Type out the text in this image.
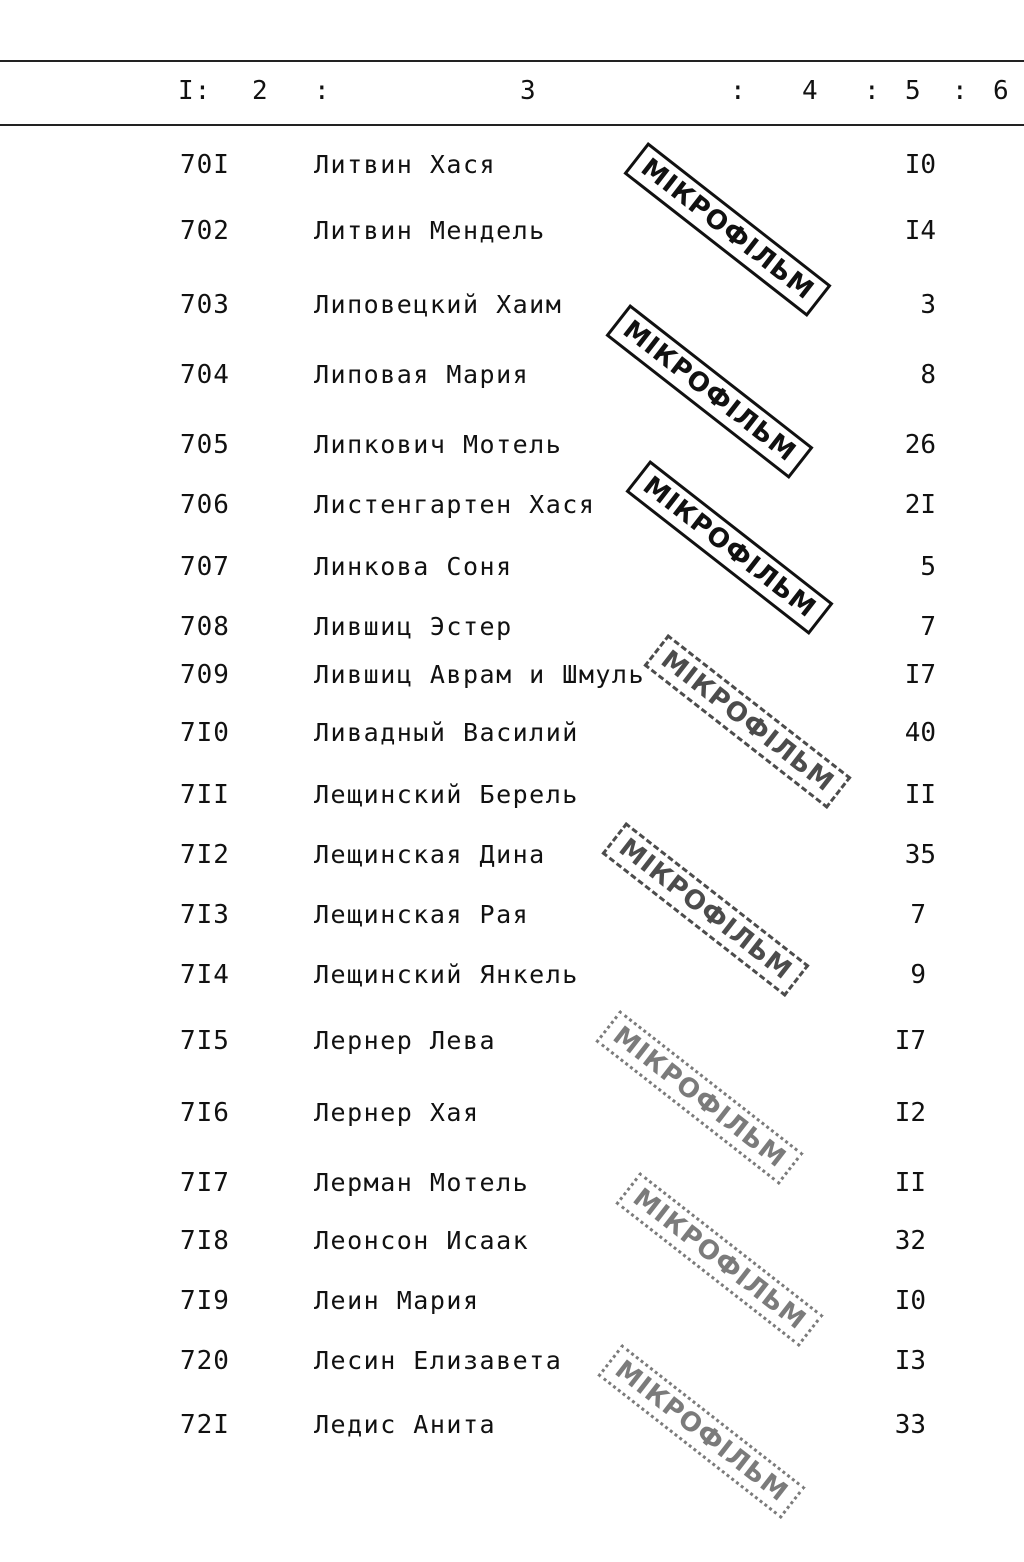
I: 2 :	3	: 4 : 5 : 6
70I	Литвин Хася	I0
702	Литвин Мендель	I4
703	Липовецкий Хаим	3
704	Липовая Мария	8
705	Липкович Мотель	26
706	Листенгартен Хася	2I
707	Линкова Соня	5
708	Лившиц Эстер	7
709	Лившиц Аврам и Шмуль	I7
7I0	Ливадный Василий	40
7II	Лещинский Берель	II
7I2	Лещинская Дина	35
7I3	Лещинская Рая	7
7I4	Лещинский Янкель	9
7I5	Лернер Лева	I7
7I6	Лернер Хая	I2
7I7	Лерман Мотель	II
7I8	Леонсон Исаак	32
7I9	Леин Мария	I0
720	Лесин Елизавета	I3
72I	Ледис Анита	33
МІКРОФІЛЬМ
МІКРОФІЛЬМ
МІКРОФІЛЬМ
МІКРОФІЛЬМ
МІКРОФІЛЬМ
МІКРОФІЛЬМ
МІКРОФІЛЬМ
МІКРОФІЛЬМ
